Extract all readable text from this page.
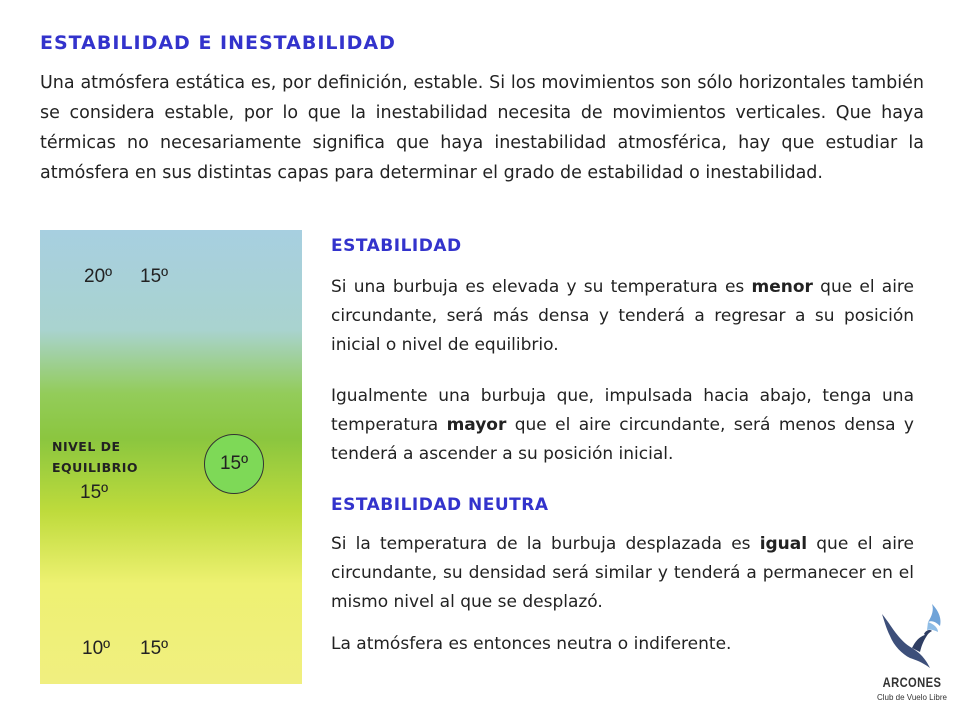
ESTABILIDAD E INESTABILIDAD

Una atmósfera estática es, por definición, estable. Si los movimientos son sólo horizontales también se considera estable, por lo que la inestabilidad necesita de movimientos verticales. Que haya térmicas no necesariamente significa que haya inestabilidad atmosférica, hay que estudiar la atmósfera en sus distintas capas para determinar el grado de estabilidad o inestabilidad.

20º 15º
NIVEL DE
EQUILIBRIO
15º
15º
10º 15º
ESTABILIDAD

Si una burbuja es elevada y su temperatura es menor que el aire circundante, será más densa y tenderá a regresar a su posición inicial o nivel de equilibrio.

Igualmente una burbuja que, impulsada hacia abajo, tenga una temperatura mayor que el aire circundante, será menos densa y tenderá a ascender a su posición inicial.

ESTABILIDAD NEUTRA

Si la temperatura de la burbuja desplazada es igual que el aire circundante, su densidad será similar y tenderá a permanecer en el mismo nivel al que se desplazó.

La atmósfera es entonces neutra o indiferente.

ARCONES
Club de Vuelo Libre
